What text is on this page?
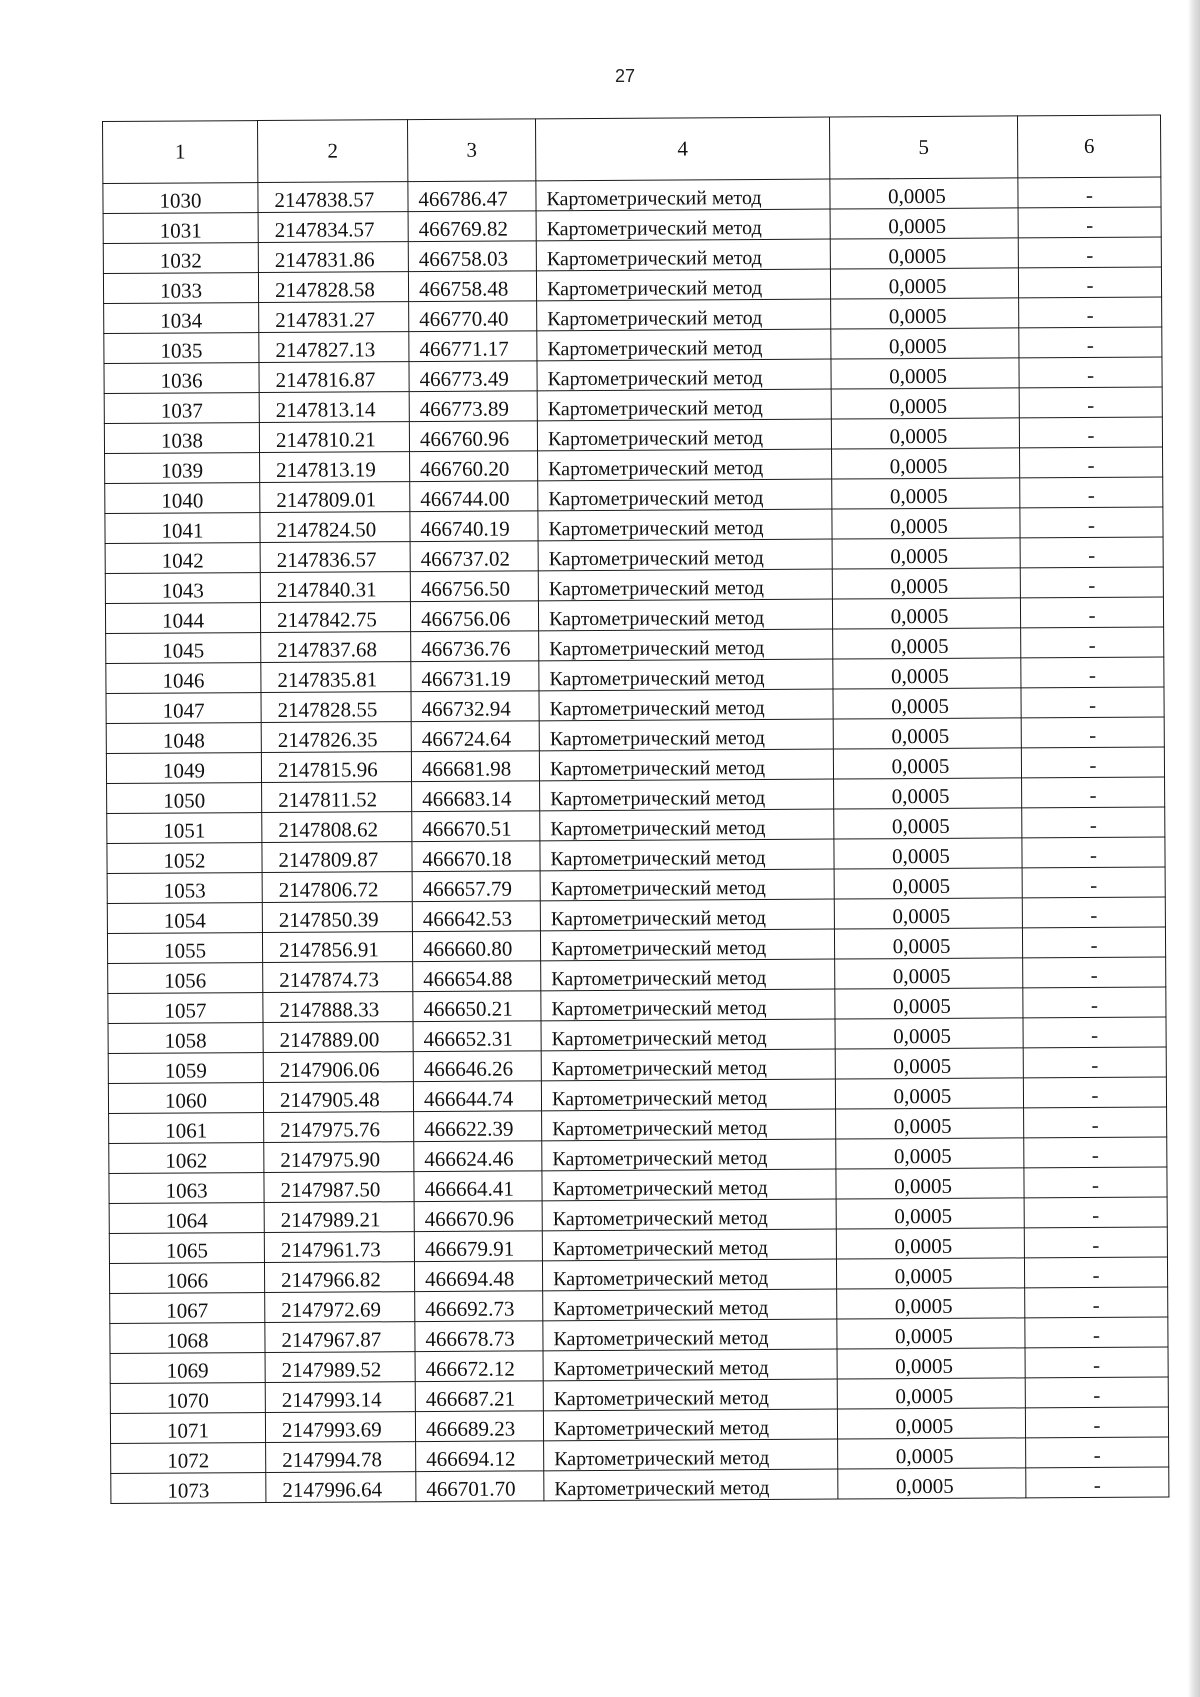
27
1	2	3	4	5	6
1030	2147838.57	466786.47	Картометрический метод	0,0005	-
1031	2147834.57	466769.82	Картометрический метод	0,0005	-
1032	2147831.86	466758.03	Картометрический метод	0,0005	-
1033	2147828.58	466758.48	Картометрический метод	0,0005	-
1034	2147831.27	466770.40	Картометрический метод	0,0005	-
1035	2147827.13	466771.17	Картометрический метод	0,0005	-
1036	2147816.87	466773.49	Картометрический метод	0,0005	-
1037	2147813.14	466773.89	Картометрический метод	0,0005	-
1038	2147810.21	466760.96	Картометрический метод	0,0005	-
1039	2147813.19	466760.20	Картометрический метод	0,0005	-
1040	2147809.01	466744.00	Картометрический метод	0,0005	-
1041	2147824.50	466740.19	Картометрический метод	0,0005	-
1042	2147836.57	466737.02	Картометрический метод	0,0005	-
1043	2147840.31	466756.50	Картометрический метод	0,0005	-
1044	2147842.75	466756.06	Картометрический метод	0,0005	-
1045	2147837.68	466736.76	Картометрический метод	0,0005	-
1046	2147835.81	466731.19	Картометрический метод	0,0005	-
1047	2147828.55	466732.94	Картометрический метод	0,0005	-
1048	2147826.35	466724.64	Картометрический метод	0,0005	-
1049	2147815.96	466681.98	Картометрический метод	0,0005	-
1050	2147811.52	466683.14	Картометрический метод	0,0005	-
1051	2147808.62	466670.51	Картометрический метод	0,0005	-
1052	2147809.87	466670.18	Картометрический метод	0,0005	-
1053	2147806.72	466657.79	Картометрический метод	0,0005	-
1054	2147850.39	466642.53	Картометрический метод	0,0005	-
1055	2147856.91	466660.80	Картометрический метод	0,0005	-
1056	2147874.73	466654.88	Картометрический метод	0,0005	-
1057	2147888.33	466650.21	Картометрический метод	0,0005	-
1058	2147889.00	466652.31	Картометрический метод	0,0005	-
1059	2147906.06	466646.26	Картометрический метод	0,0005	-
1060	2147905.48	466644.74	Картометрический метод	0,0005	-
1061	2147975.76	466622.39	Картометрический метод	0,0005	-
1062	2147975.90	466624.46	Картометрический метод	0,0005	-
1063	2147987.50	466664.41	Картометрический метод	0,0005	-
1064	2147989.21	466670.96	Картометрический метод	0,0005	-
1065	2147961.73	466679.91	Картометрический метод	0,0005	-
1066	2147966.82	466694.48	Картометрический метод	0,0005	-
1067	2147972.69	466692.73	Картометрический метод	0,0005	-
1068	2147967.87	466678.73	Картометрический метод	0,0005	-
1069	2147989.52	466672.12	Картометрический метод	0,0005	-
1070	2147993.14	466687.21	Картометрический метод	0,0005	-
1071	2147993.69	466689.23	Картометрический метод	0,0005	-
1072	2147994.78	466694.12	Картометрический метод	0,0005	-
1073	2147996.64	466701.70	Картометрический метод	0,0005	-
